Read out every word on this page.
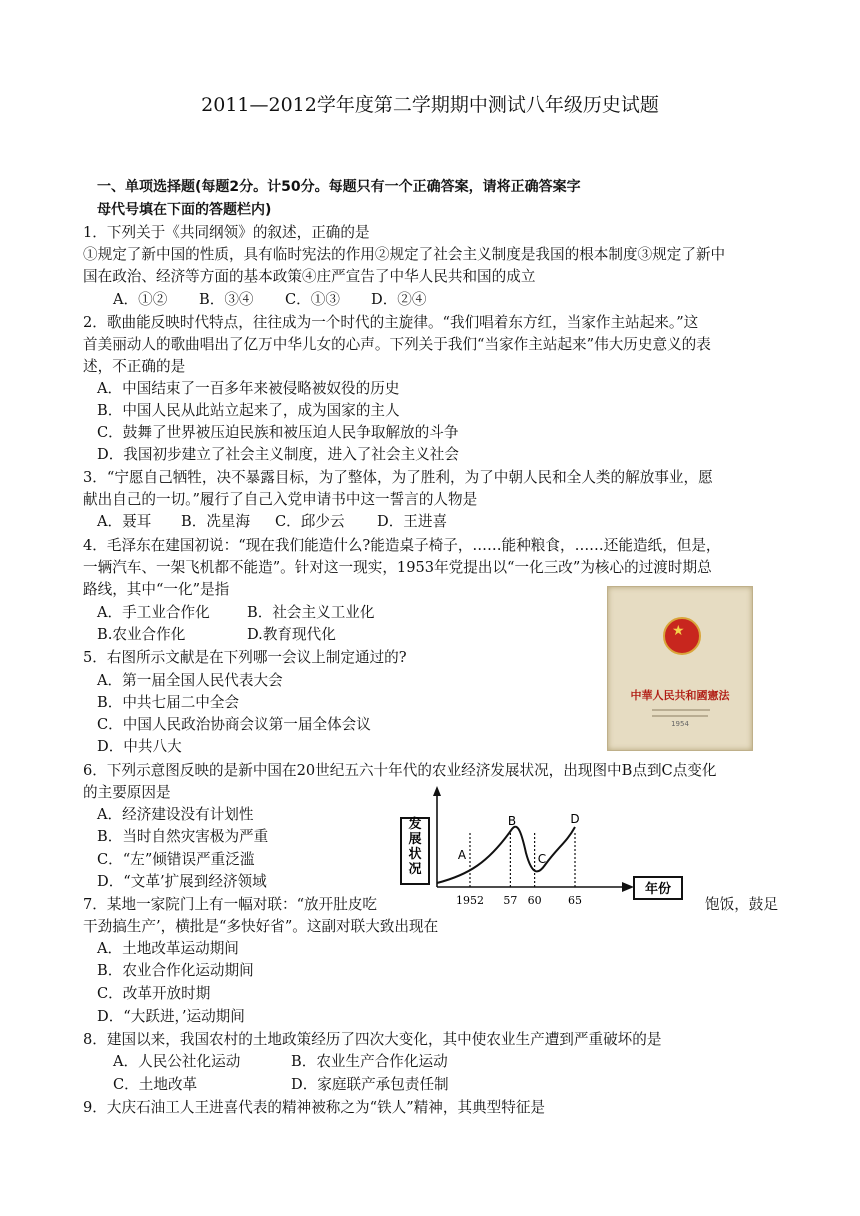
2011—2012学年度第二学期期中测试八年级历史试题
一、单项选择题(每题2分。计50分。每题只有一个正确答案，请将正确答案字
母代号填在下面的答题栏内)
1．下列关于《共同纲领》的叙述，正确的是
①规定了新中国的性质，具有临时宪法的作用②规定了社会主义制度是我国的根本制度③规定了新中
国在政治、经济等方面的基本政策④庄严宣告了中华人民共和国的成立
A．①② B．③④ C．①③ D．②④
2．歌曲能反映时代特点，往往成为一个时代的主旋律。“我们唱着东方红，当家作主站起来。”这
首美丽动人的歌曲唱出了亿万中华儿女的心声。下列关于我们“当家作主站起来”伟大历史意义的表
述，不正确的是
A．中国结束了一百多年来被侵略被奴役的历史
B．中国人民从此站立起来了，成为国家的主人
C．鼓舞了世界被压迫民族和被压迫人民争取解放的斗争
D．我国初步建立了社会主义制度，进入了社会主义社会
3．“宁愿自己牺牲，决不暴露目标，为了整体，为了胜利，为了中朝人民和全人类的解放事业，愿
献出自己的一切。”履行了自己入党申请书中这一誓言的人物是
A．聂耳 B．冼星海 C．邱少云 D．王进喜
4．毛泽东在建国初说：“现在我们能造什么?能造桌子椅子，……能种粮食，……还能造纸，但是，
一辆汽车、一架飞机都不能造”。针对这一现实，1953年党提出以“一化三改”为核心的过渡时期总
路线，其中“一化”是指
A．手工业合作化	B．社会主义工业化
B.农业合作化	D.教育现代化
5．右图所示文献是在下列哪一会议上制定通过的?
A．第一届全国人民代表大会
B．中共七届二中全会
C．中国人民政治协商会议第一届全体会议
D．中共八大
★
中華人民共和國憲法
1954
6．下列示意图反映的是新中国在20世纪五六十年代的农业经济发展状况，出现图中B点到C点变化
的主要原因是
A．经济建设没有计划性
B．当时自然灾害极为严重
C．“左”倾错误严重泛滥
D．“文革’扩展到经济领域
发展状况
年份
1952 57 60 65
A
B
C
D
7．某地一家院门上有一幅对联：“放开肚皮吃	饱饭，鼓足
干劲搞生产’，横批是“多快好省”。这副对联大致出现在
A．土地改革运动期间
B．农业合作化运动期间
C．改革开放时期
D．“大跃进，’运动期间
8．建国以来，我国农村的土地政策经历了四次大变化，其中使农业生产遭到严重破坏的是
A．人民公社化运动	B．农业生产合作化运动
C．土地改革	D．家庭联产承包责任制
9．大庆石油工人王进喜代表的精神被称之为“铁人”精神，其典型特征是
